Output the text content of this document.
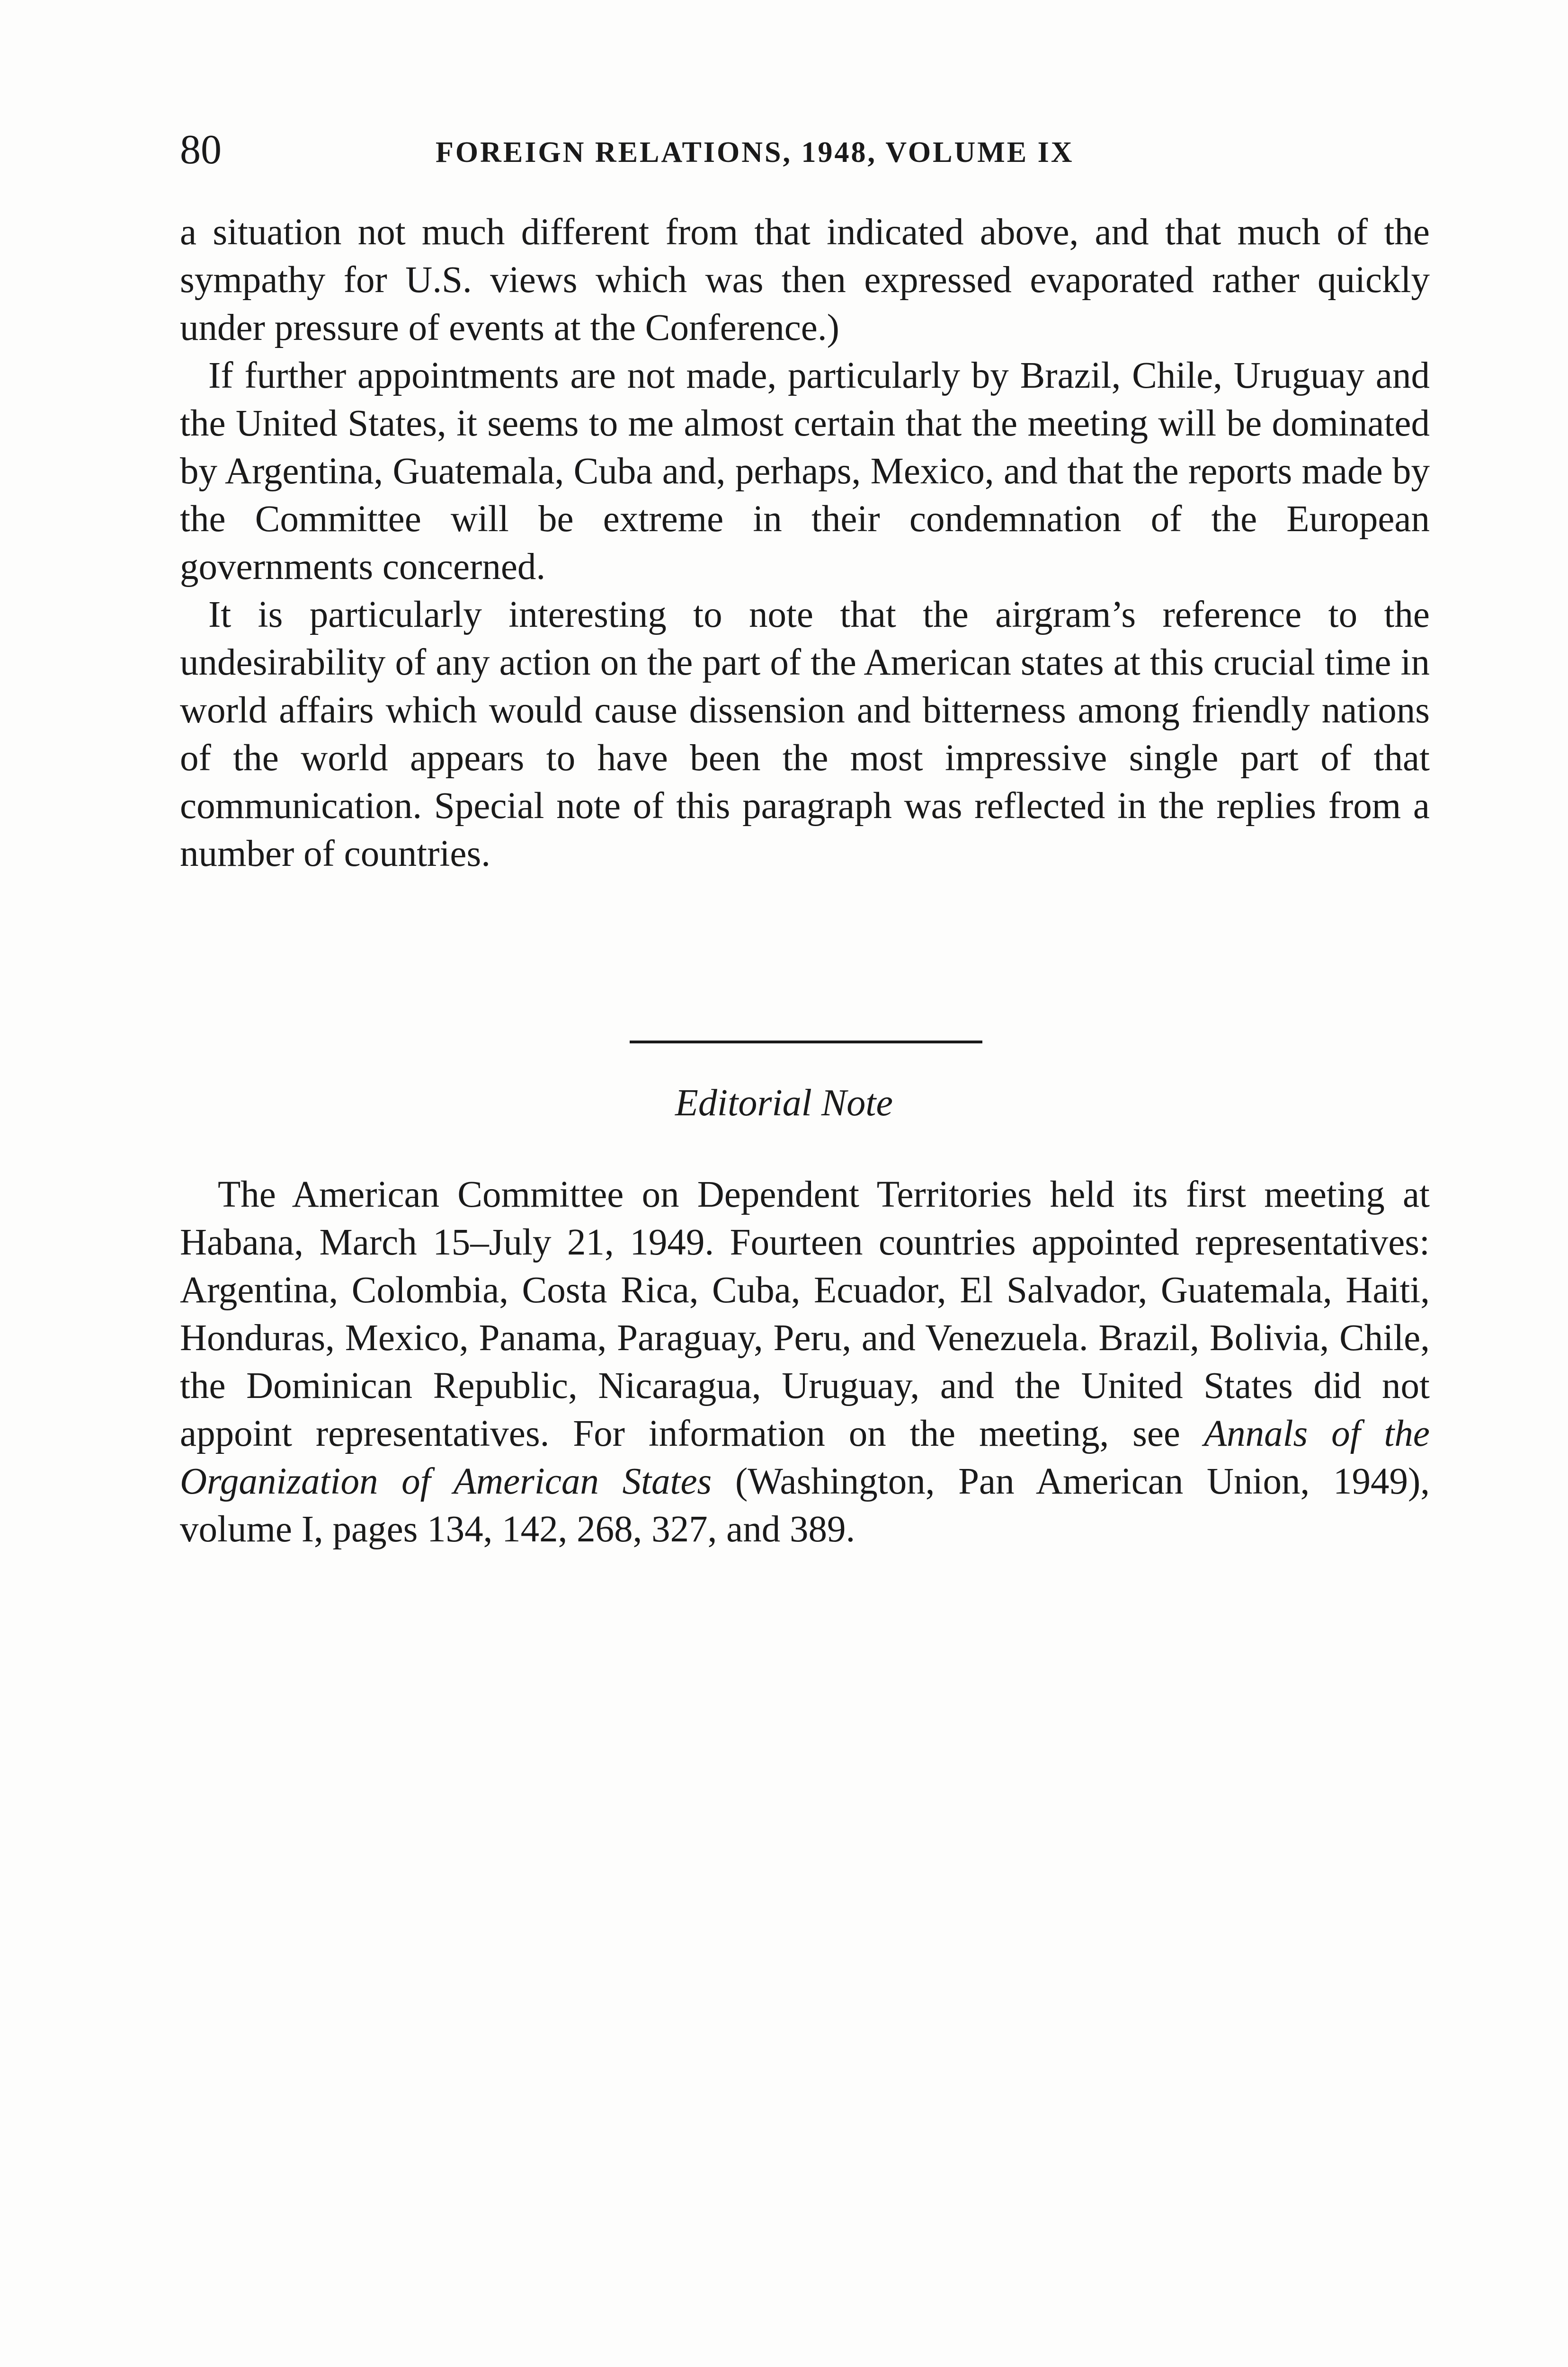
80	FOREIGN RELATIONS, 1948, VOLUME IX

a situation not much different from that indicated above, and that much of the sympathy for U.S. views which was then expressed evaporated rather quickly under pressure of events at the Conference.)

If further appointments are not made, particularly by Brazil, Chile, Uruguay and the United States, it seems to me almost certain that the meeting will be dominated by Argentina, Guatemala, Cuba and, perhaps, Mexico, and that the reports made by the Committee will be extreme in their condemnation of the European governments concerned.

It is particularly interesting to note that the airgram’s reference to the undesirability of any action on the part of the American states at this crucial time in world affairs which would cause dissension and bitterness among friendly nations of the world appears to have been the most impressive single part of that communication. Special note of this paragraph was reflected in the replies from a number of countries.

Editorial Note

The American Committee on Dependent Territories held its first meeting at Habana, March 15–July 21, 1949. Fourteen countries appointed representatives: Argentina, Colombia, Costa Rica, Cuba, Ecuador, El Salvador, Guatemala, Haiti, Honduras, Mexico, Panama, Paraguay, Peru, and Venezuela. Brazil, Bolivia, Chile, the Dominican Republic, Nicaragua, Uruguay, and the United States did not appoint representatives. For information on the meeting, see Annals of the Organization of American States (Washington, Pan American Union, 1949), volume I, pages 134, 142, 268, 327, and 389.
